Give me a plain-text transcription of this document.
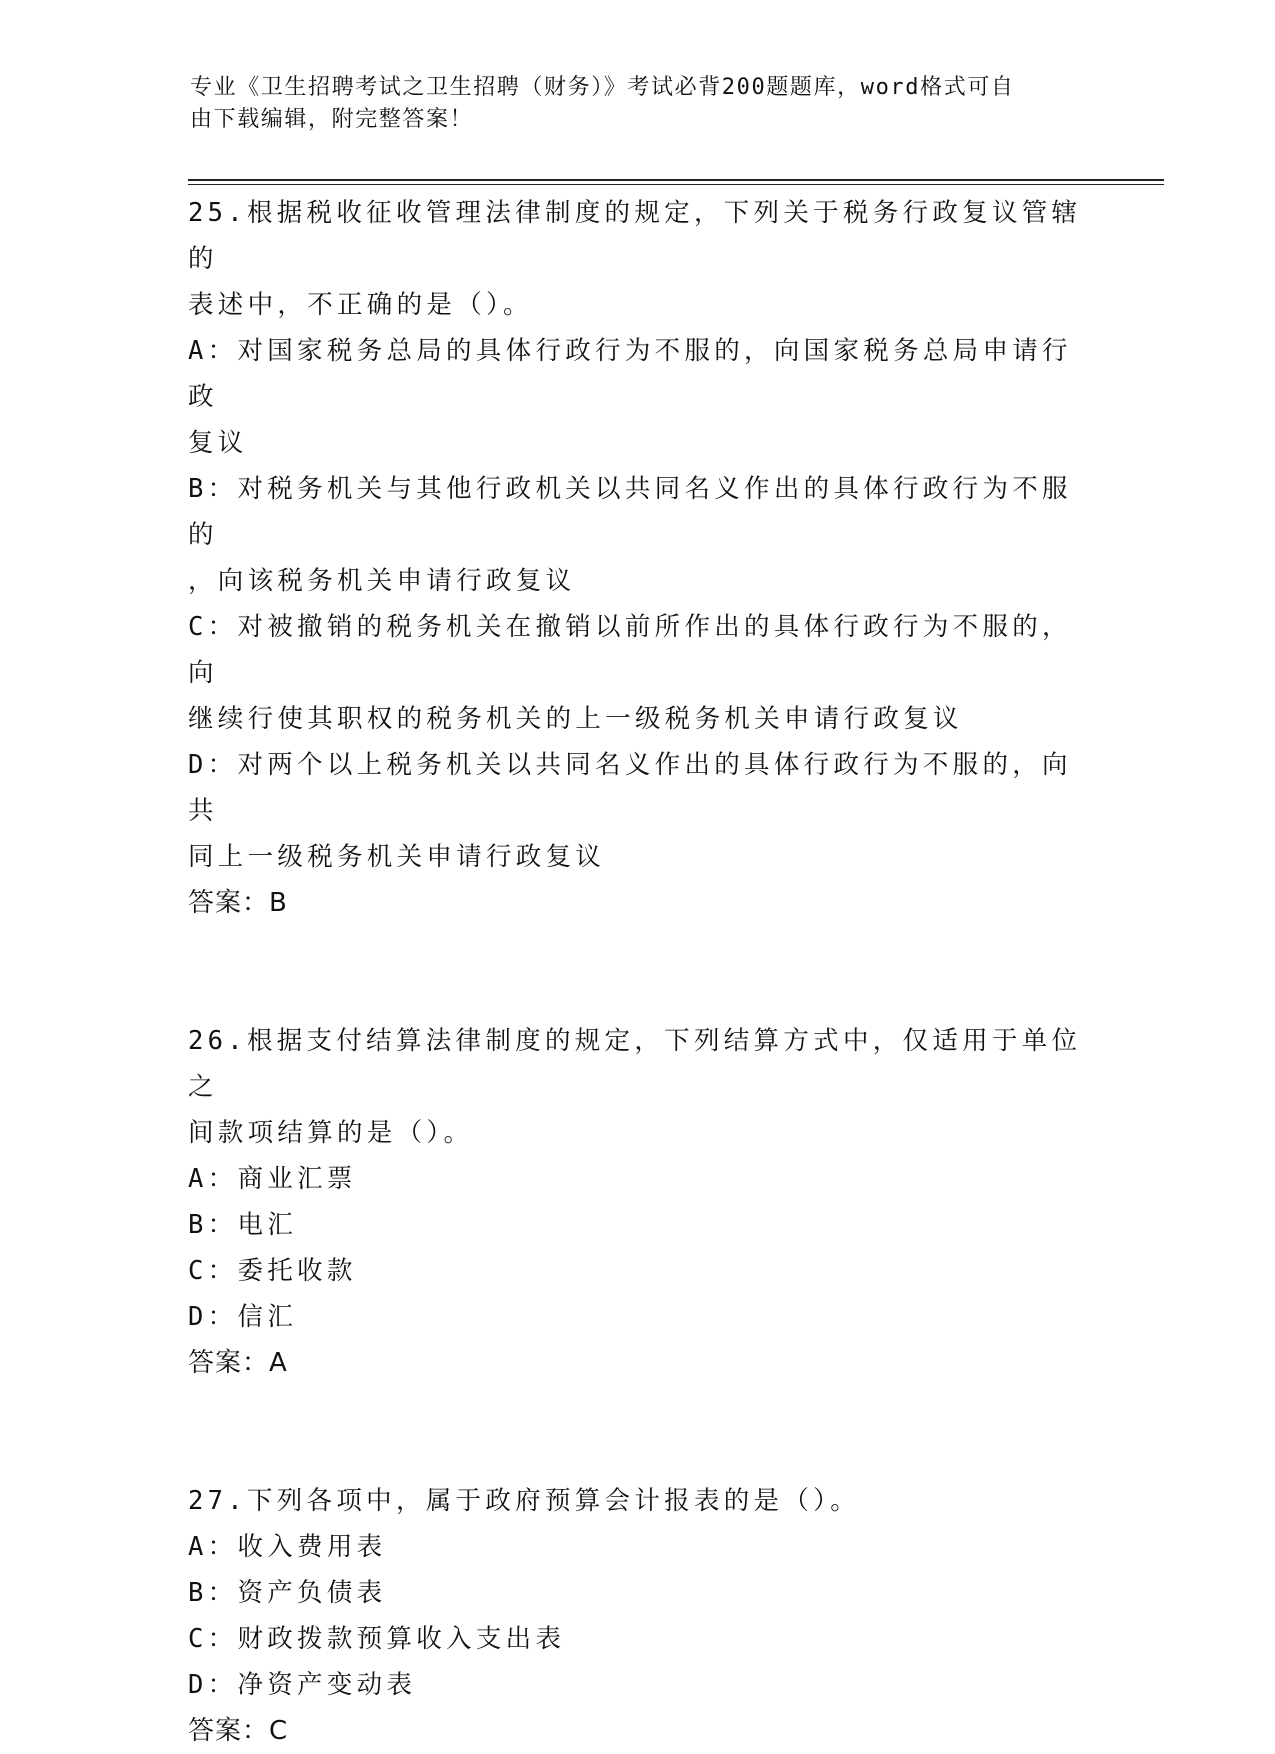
专业《卫生招聘考试之卫生招聘（财务）》考试必背200题题库，word格式可自
由下载编辑，附完整答案！
25.根据税收征收管理法律制度的规定，下列关于税务行政复议管辖的
表述中，不正确的是（）。
A：对国家税务总局的具体行政行为不服的，向国家税务总局申请行政
复议
B：对税务机关与其他行政机关以共同名义作出的具体行政行为不服的
，向该税务机关申请行政复议
C：对被撤销的税务机关在撤销以前所作出的具体行政行为不服的，向
继续行使其职权的税务机关的上一级税务机关申请行政复议
D：对两个以上税务机关以共同名义作出的具体行政行为不服的，向共
同上一级税务机关申请行政复议
答案：B
26.根据支付结算法律制度的规定，下列结算方式中，仅适用于单位之
间款项结算的是（）。
A：商业汇票
B：电汇
C：委托收款
D：信汇
答案：A
27.下列各项中，属于政府预算会计报表的是（）。
A：收入费用表
B：资产负债表
C：财政拨款预算收入支出表
D：净资产变动表
答案：C
